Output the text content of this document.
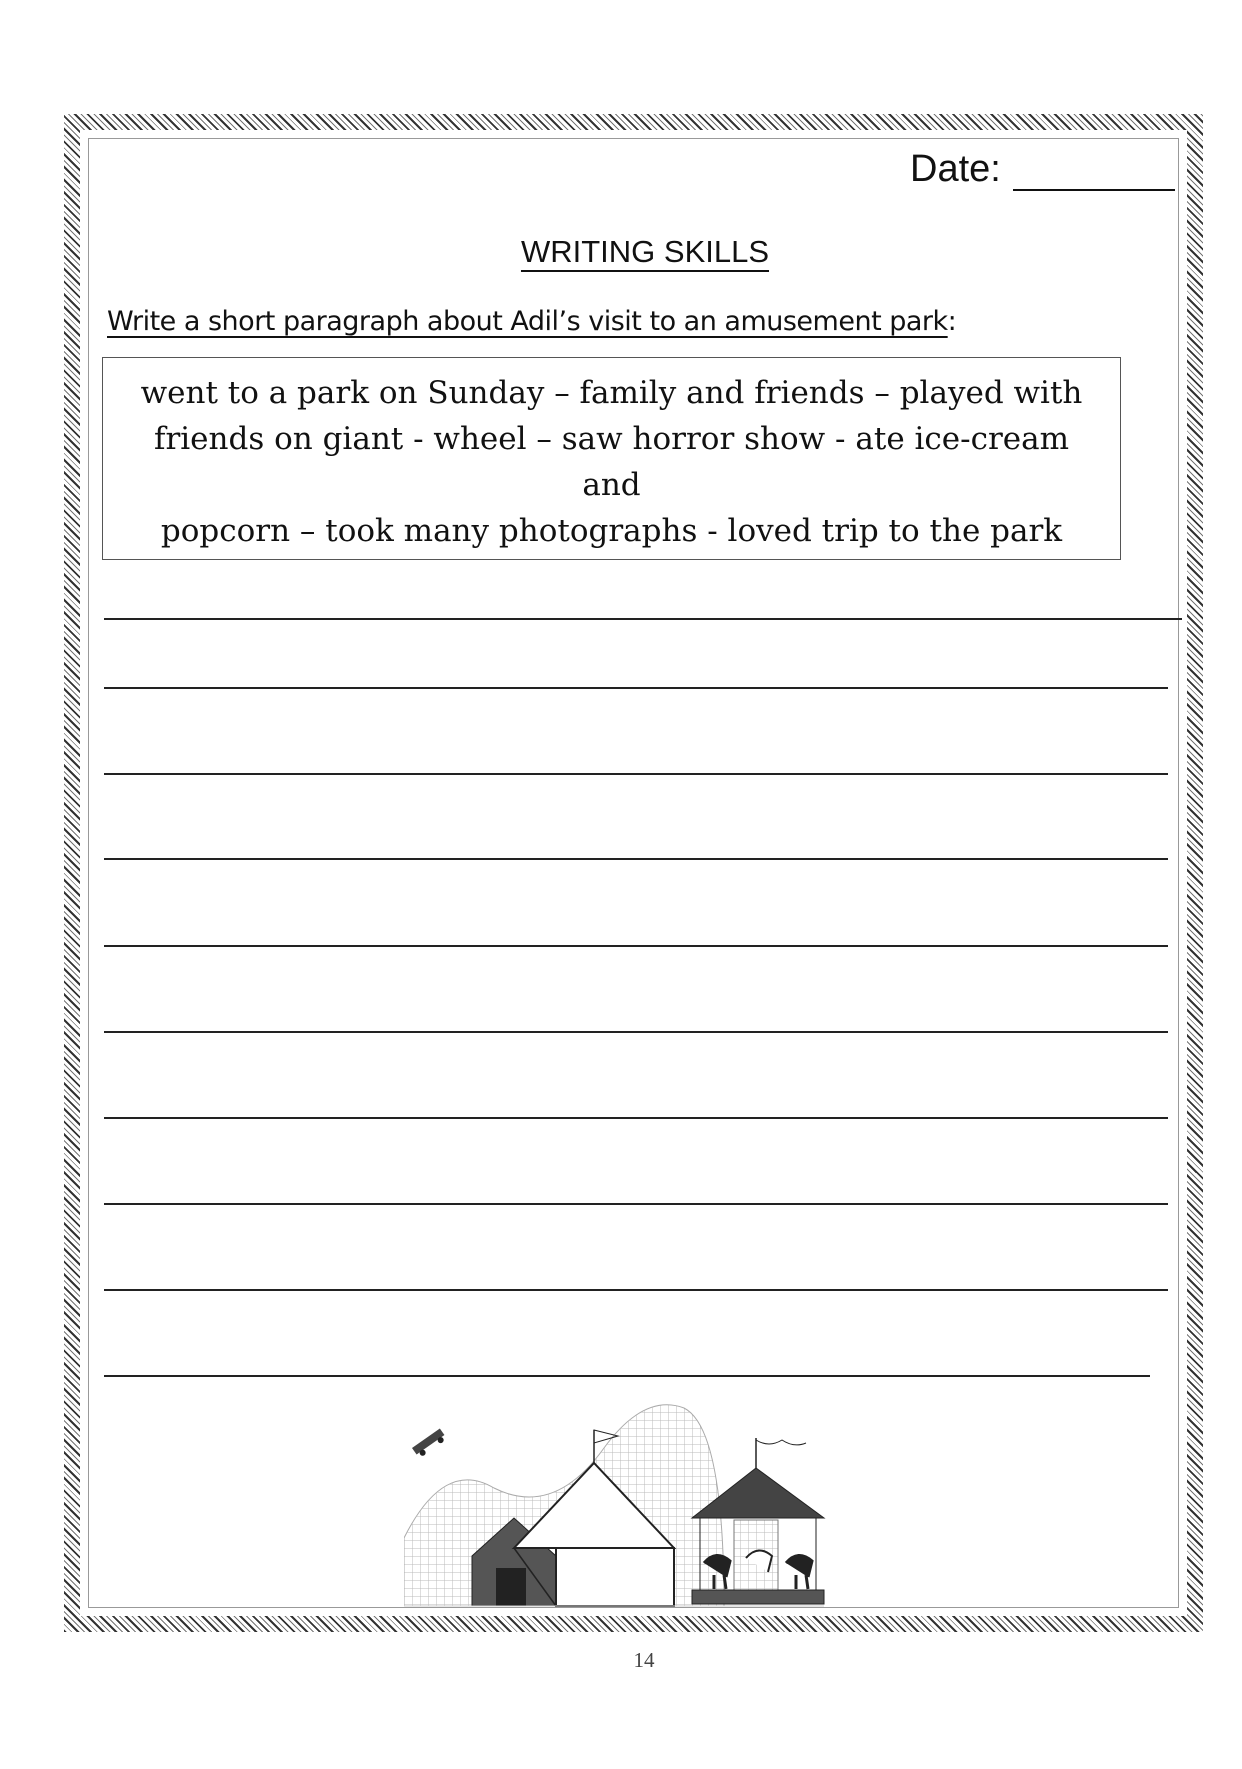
Date:
WRITING SKILLS
Write a short paragraph about Adil’s visit to an amusement park:
went to a park on Sunday – family and friends – played with
friends on giant - wheel – saw horror show - ate ice-cream and
popcorn – took many photographs - loved trip to the park
14
